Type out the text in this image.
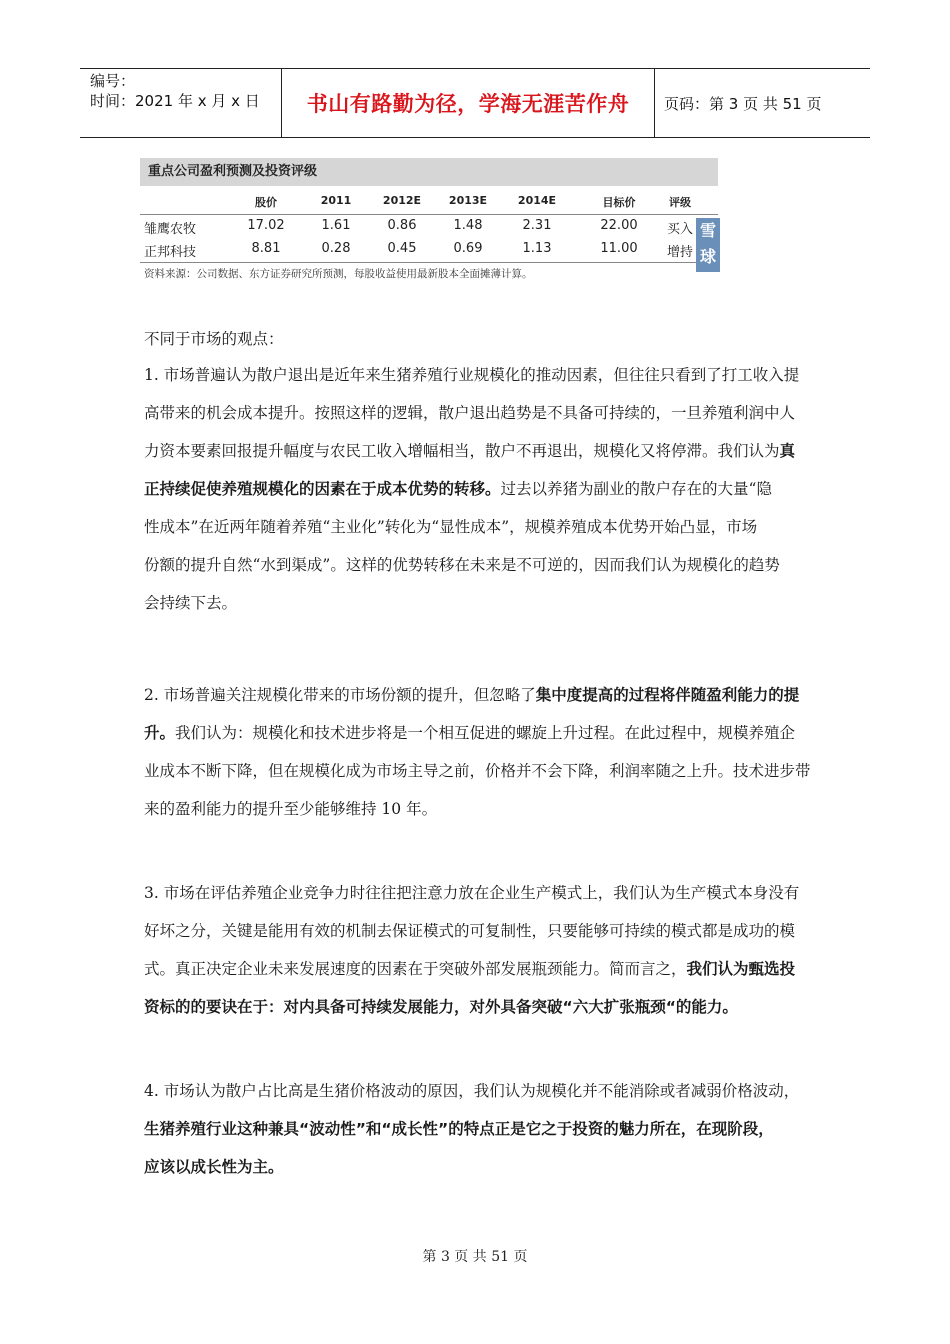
编号：
时间：2021 年 x 月 x 日	书山有路勤为径，学海无涯苦作舟	页码：第 3 页 共 51 页
重点公司盈利预测及投资评级
股价	2011	2012E	2013E	2014E	目标价	评级
雏鹰农牧	17.02	1.61	0.86	1.48	2.31	22.00	买入
正邦科技	8.81	0.28	0.45	0.69	1.13	11.00	增持
资料来源：公司数据、东方证券研究所预测，每股收益使用最新股本全面摊薄计算。
雪
球
不同于市场的观点：
1. 市场普遍认为散户退出是近年来生猪养殖行业规模化的推动因素，但往往只看到了打工收入提
高带来的机会成本提升。按照这样的逻辑，散户退出趋势是不具备可持续的，一旦养殖利润中人
力资本要素回报提升幅度与农民工收入增幅相当，散户不再退出，规模化又将停滞。我们认为真
正持续促使养殖规模化的因素在于成本优势的转移。过去以养猪为副业的散户存在的大量“隐
性成本”在近两年随着养殖“主业化”转化为“显性成本”，规模养殖成本优势开始凸显，市场
份额的提升自然“水到渠成”。这样的优势转移在未来是不可逆的，因而我们认为规模化的趋势
会持续下去。
2. 市场普遍关注规模化带来的市场份额的提升，但忽略了集中度提高的过程将伴随盈利能力的提
升。我们认为：规模化和技术进步将是一个相互促进的螺旋上升过程。在此过程中，规模养殖企
业成本不断下降，但在规模化成为市场主导之前，价格并不会下降，利润率随之上升。技术进步带
来的盈利能力的提升至少能够维持 10 年。
3. 市场在评估养殖企业竞争力时往往把注意力放在企业生产模式上，我们认为生产模式本身没有
好坏之分，关键是能用有效的机制去保证模式的可复制性，只要能够可持续的模式都是成功的模
式。真正决定企业未来发展速度的因素在于突破外部发展瓶颈能力。简而言之，我们认为甄选投
资标的的要诀在于：对内具备可持续发展能力，对外具备突破“六大扩张瓶颈“的能力。
4. 市场认为散户占比高是生猪价格波动的原因，我们认为规模化并不能消除或者减弱价格波动，
生猪养殖行业这种兼具“波动性”和“成长性”的特点正是它之于投资的魅力所在，在现阶段，
应该以成长性为主。
第 3 页 共 51 页
